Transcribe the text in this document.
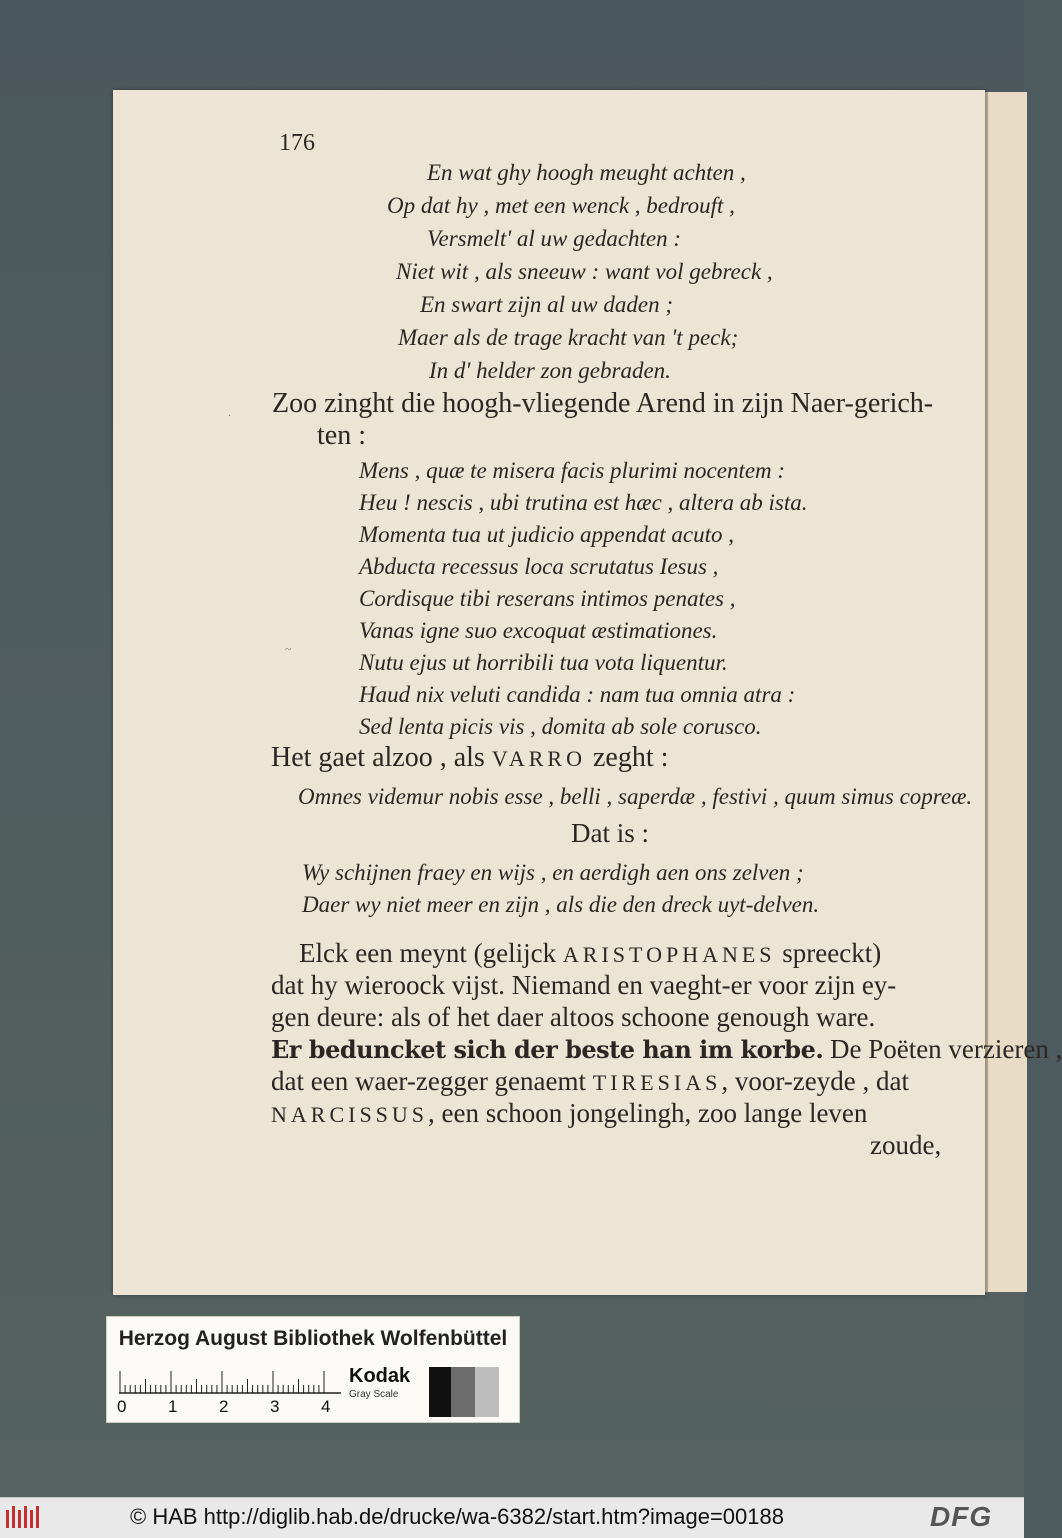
176
En wat ghy hoogh meught achten ,
Op dat hy , met een wenck , bedrouft ,
Versmelt' al uw gedachten :
Niet wit , als sneeuw : want vol gebreck ,
En swart zijn al uw daden ;
Maer als de trage kracht van 't peck;
In d' helder zon gebraden.
. Zoo zinght die hoogh-vliegende Arend in zijn Naer-gerich-
ten :
Mens , quæ te misera facis plurimi nocentem :
Heu ! nescis , ubi trutina est hæc , altera ab ista.
Momenta tua ut judicio appendat acuto ,
Abducta recessus loca scrutatus Iesus ,
Cordisque tibi reserans intimos penates ,
Vanas igne suo excoquat æstimationes.
~
Nutu ejus ut horribili tua vota liquentur.
Haud nix veluti candida : nam tua omnia atra :
Sed lenta picis vis , domita ab sole corusco.
Het gaet alzoo , als VARRO zeght :
Omnes videmur nobis esse , belli , saperdæ , festivi , quum simus copreæ.
Dat is :
Wy schijnen fraey en wijs , en aerdigh aen ons zelven ;
Daer wy niet meer en zijn , als die den dreck uyt-delven.
Elck een meynt (gelijck ARISTOPHANES spreeckt)
dat hy wieroock vijst. Niemand en vaeght-er voor zijn ey-
gen deure: als of het daer altoos schoone genough ware.
Er beduncket sich der beste han im korbe. De Poëten verzieren ,
dat een waer-zegger genaemt TIRESIAS, voor-zeyde , dat
NARCISSUS, een schoon jongelingh, zoo lange leven
zoude,
Herzog August Bibliothek Wolfenbüttel
0 1 2 3 4
Kodak
Gray Scale
© HAB http://diglib.hab.de/drucke/wa-6382/start.htm?image=00188	DFG
